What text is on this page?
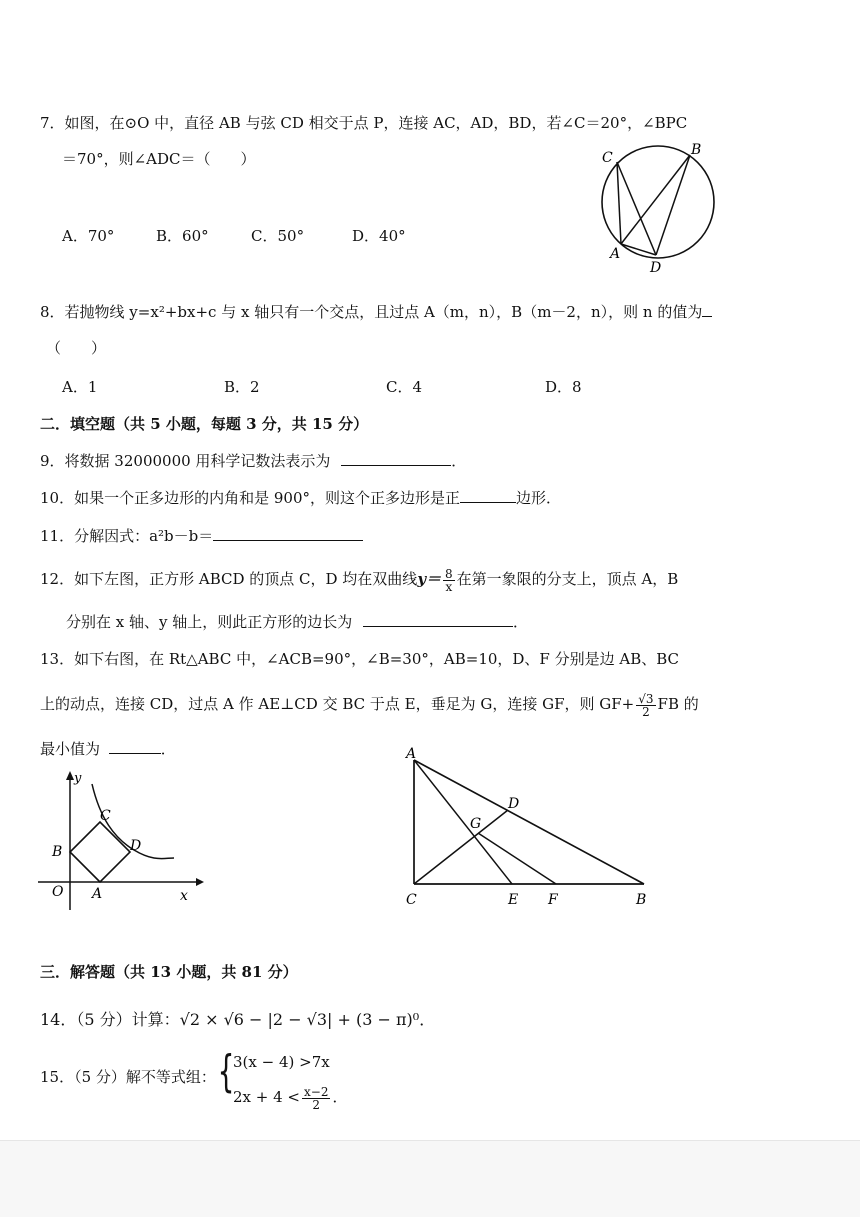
7．如图，在⊙O 中，直径 AB 与弦 CD 相交于点 P，连接 AC，AD，BD，若∠C＝20°，∠BPC
＝70°，则∠ADC＝（　　）
A．70°	B．60°	C．50°	D．40°
C	B
A
D
8．若抛物线 y=x²+bx+c 与 x 轴只有一个交点，且过点 A（m，n），B（m－2，n），则 n 的值为
（　　）
A．1	B．2	C．4	D．8
二．填空题（共 5 小题，每题 3 分，共 15 分）
9．将数据 32000000 用科学记数法表示为	．
10．如果一个正多边形的内角和是 900°，则这个正多边形是正	边形．
11．分解因式：a²b－b＝
12．如下左图，正方形 ABCD 的顶点 C，D 均在双曲线$y= \frac{8}{x}$ 在第一象限的分支上，顶点 A，B
分别在 x 轴、y 轴上，则此正方形的边长为	．
13．如下右图，在 Rt△ABC 中，∠ACB=90°，∠B=30°，AB=10，D、F 分别是边 AB、BC
上的动点，连接 CD，过点 A 作 AE⊥CD 交 BC 于点 E，垂足为 G，连接 GF，则 $GF+ \frac{√3}{2}$ FB 的
最小值为	．
y
x
O A
B
C
D
A
D
G
C	E F	B
三．解答题（共 13 小题，共 81 分）
14．（5 分）计算：√2 × √6 − |2 − √3| + (3 − π)⁰．
15．（5 分）解不等式组： {
3(x − 4) >7x
$2x + 4 < \frac{x-2}{2}$ ．
